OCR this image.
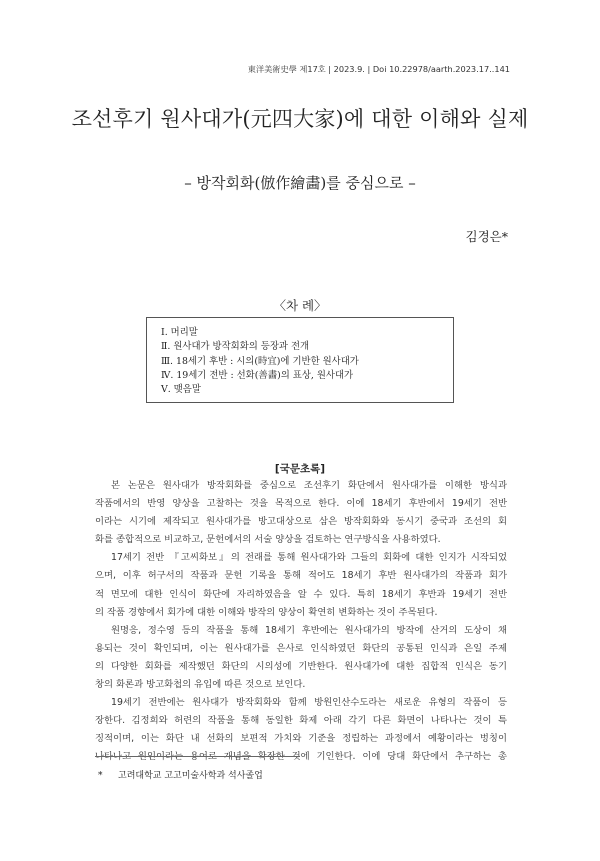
東洋美術史學 제17호 | 2023.9. | Doi 10.22978/aarth.2023.17..141
조선후기 원사대가(元四大家)에 대한 이해와 실제
– 방작회화(倣作繪畵)를 중심으로 –
김경은*
〈차 례〉
Ⅰ. 머리말
Ⅱ. 원사대가 방작회화의 등장과 전개
Ⅲ. 18세기 후반 : 시의(時宜)에 기반한 원사대가
Ⅳ. 19세기 전반 : 선화(善畵)의 표상, 원사대가
Ⅴ. 맺음말
[국문초록]
본 논문은 원사대가 방작회화를 중심으로 조선후기 화단에서 원사대가를 이해한 방식과
작품에서의 반영 양상을 고찰하는 것을 목적으로 한다. 이에 18세기 후반에서 19세기 전반
이라는 시기에 제작되고 원사대가를 방고대상으로 삼은 방작회화와 동시기 중국과 조선의 회
화를 종합적으로 비교하고, 문헌에서의 서술 양상을 검토하는 연구방식을 사용하였다.
17세기 전반 『고씨화보』의 전래를 통해 원사대가와 그들의 회화에 대한 인지가 시작되었
으며, 이후 허구서의 작품과 문헌 기록을 통해 적어도 18세기 후반 원사대가의 작품과 회가
적 면모에 대한 인식이 화단에 자리하였음을 알 수 있다. 특히 18세기 후반과 19세기 전반
의 작품 경향에서 회가에 대한 이해와 방작의 양상이 확연히 변화하는 것이 주목된다.
원명응, 정수영 등의 작품을 통해 18세기 후반에는 원사대가의 방작에 산거의 도상이 채
용되는 것이 확인되며, 이는 원사대가를 은사로 인식하였던 화단의 공통된 인식과 은일 주제
의 다양한 회화를 제작했던 화단의 시의성에 기반한다. 원사대가에 대한 집합적 인식은 동기
창의 화론과 방고화첩의 유입에 따른 것으로 보인다.
19세기 전반에는 원사대가 방작회화와 함께 방원인산수도라는 새로운 유형의 작품이 등
장한다. 김정희와 허련의 작품을 통해 동일한 화제 아래 각기 다른 화면이 나타나는 것이 특
징적이며, 이는 화단 내 선화의 보편적 가치와 기준을 정립하는 과정에서 예황이라는 벙칭이
나타나고 원인이라는 용어로 개념을 확장한 것에 기인한다. 이에 당대 화단에서 추구하는 총
* 고려대학교 고고미술사학과 석사졸업
